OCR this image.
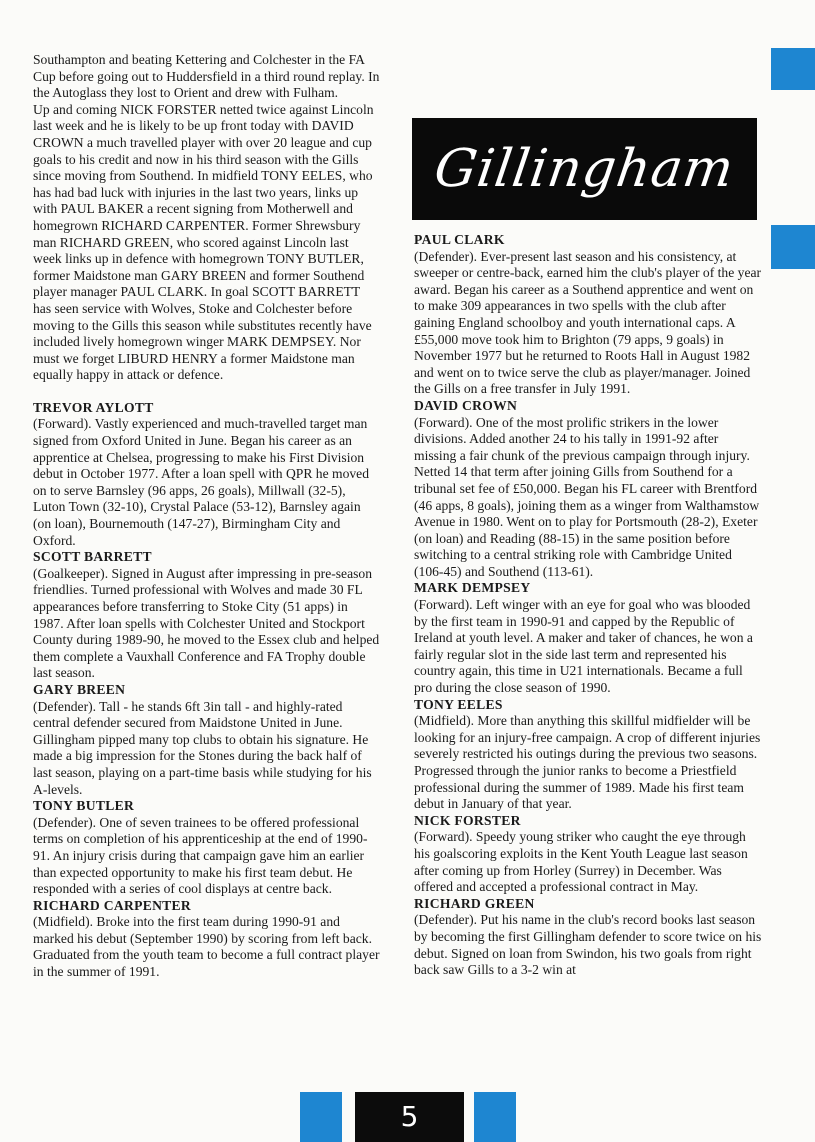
Southampton and beating Kettering and Colchester in the FA Cup before going out to Huddersfield in a third round replay. In the Autoglass they lost to Orient and drew with Fulham.

Up and coming NICK FORSTER netted twice against Lincoln last week and he is likely to be up front today with DAVID CROWN a much travelled player with over 20 league and cup goals to his credit and now in his third season with the Gills since moving from Southend. In midfield TONY EELES, who has had bad luck with injuries in the last two years, links up with PAUL BAKER a recent signing from Motherwell and homegrown RICHARD CARPENTER. Former Shrewsbury man RICHARD GREEN, who scored against Lincoln last week links up in defence with homegrown TONY BUTLER, former Maidstone man GARY BREEN and former Southend player manager PAUL CLARK. In goal SCOTT BARRETT has seen service with Wolves, Stoke and Colchester before moving to the Gills this season while substitutes recently have included lively homegrown winger MARK DEMPSEY. Nor must we forget LIBURD HENRY a former Maidstone man equally happy in attack or defence.

TREVOR AYLOTT

(Forward). Vastly experienced and much-travelled target man signed from Oxford United in June. Began his career as an apprentice at Chelsea, progressing to make his First Division debut in October 1977. After a loan spell with QPR he moved on to serve Barnsley (96 apps, 26 goals), Millwall (32-5), Luton Town (32-10), Crystal Palace (53-12), Barnsley again (on loan), Bournemouth (147-27), Birmingham City and Oxford.

SCOTT BARRETT

(Goalkeeper). Signed in August after impressing in pre-season friendlies. Turned professional with Wolves and made 30 FL appearances before transferring to Stoke City (51 apps) in 1987. After loan spells with Colchester United and Stockport County during 1989-90, he moved to the Essex club and helped them complete a Vauxhall Conference and FA Trophy double last season.

GARY BREEN

(Defender). Tall - he stands 6ft 3in tall - and highly-rated central defender secured from Maidstone United in June. Gillingham pipped many top clubs to obtain his signature. He made a big impression for the Stones during the back half of last season, playing on a part-time basis while studying for his A-levels.

TONY BUTLER

(Defender). One of seven trainees to be offered professional terms on completion of his apprenticeship at the end of 1990-91. An injury crisis during that campaign gave him an earlier than expected opportunity to make his first team debut. He responded with a series of cool displays at centre back.

RICHARD CARPENTER

(Midfield). Broke into the first team during 1990-91 and marked his debut (September 1990) by scoring from left back. Graduated from the youth team to become a full contract player in the summer of 1991.

Gillingham

PAUL CLARK

(Defender). Ever-present last season and his consistency, at sweeper or centre-back, earned him the club's player of the year award. Began his career as a Southend apprentice and went on to make 309 appearances in two spells with the club after gaining England schoolboy and youth international caps. A £55,000 move took him to Brighton (79 apps, 9 goals) in November 1977 but he returned to Roots Hall in August 1982 and went on to twice serve the club as player/manager. Joined the Gills on a free transfer in July 1991.

DAVID CROWN

(Forward). One of the most prolific strikers in the lower divisions. Added another 24 to his tally in 1991-92 after missing a fair chunk of the previous campaign through injury. Netted 14 that term after joining Gills from Southend for a tribunal set fee of £50,000. Began his FL career with Brentford (46 apps, 8 goals), joining them as a winger from Walthamstow Avenue in 1980. Went on to play for Portsmouth (28-2), Exeter (on loan) and Reading (88-15) in the same position before switching to a central striking role with Cambridge United (106-45) and Southend (113-61).

MARK DEMPSEY

(Forward). Left winger with an eye for goal who was blooded by the first team in 1990-91 and capped by the Republic of Ireland at youth level. A maker and taker of chances, he won a fairly regular slot in the side last term and represented his country again, this time in U21 internationals. Became a full pro during the close season of 1990.

TONY EELES

(Midfield). More than anything this skillful midfielder will be looking for an injury-free campaign. A crop of different injuries severely restricted his outings during the previous two seasons. Progressed through the junior ranks to become a Priestfield professional during the summer of 1989. Made his first team debut in January of that year.

NICK FORSTER

(Forward). Speedy young striker who caught the eye through his goalscoring exploits in the Kent Youth League last season after coming up from Horley (Surrey) in December. Was offered and accepted a professional contract in May.

RICHARD GREEN

(Defender). Put his name in the club's record books last season by becoming the first Gillingham defender to score twice on his debut. Signed on loan from Swindon, his two goals from right back saw Gills to a 3-2 win at

5
